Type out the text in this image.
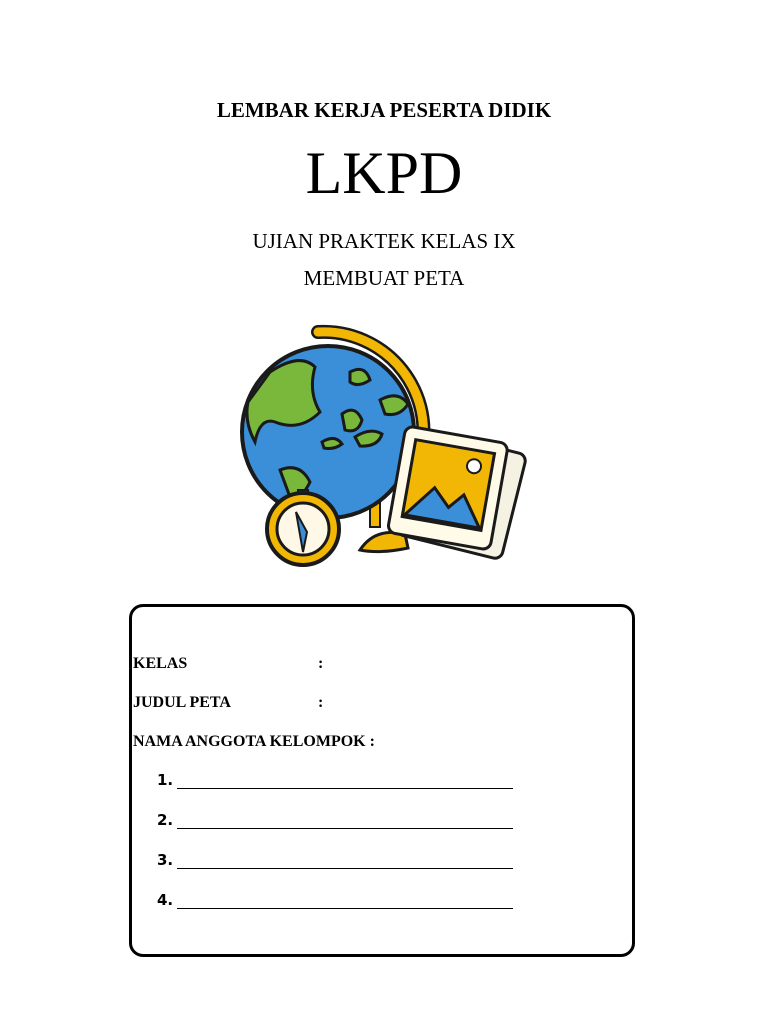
LEMBAR KERJA PESERTA DIDIK
LKPD
UJIAN PRAKTEK KELAS IX
MEMBUAT PETA
KELAS	:
JUDUL PETA	:
NAMA ANGGOTA KELOMPOK :
1.
2.
3.
4.
